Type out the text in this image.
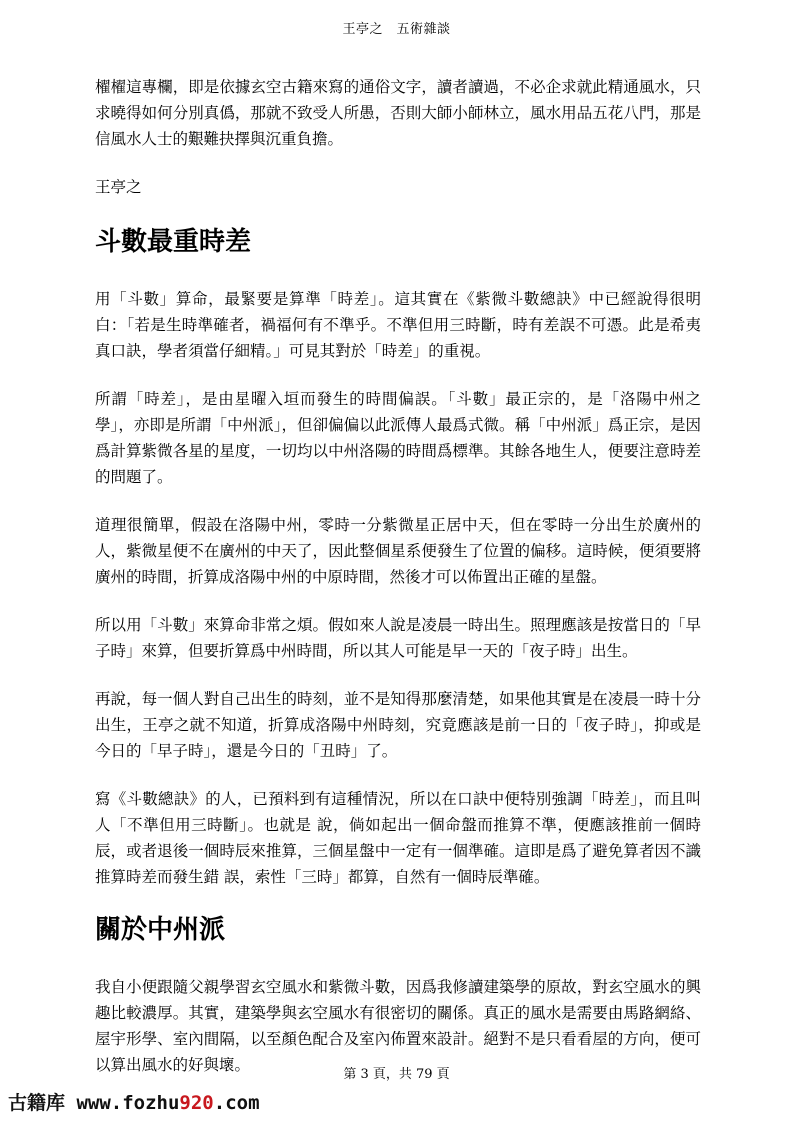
王亭之　五術雜談

櫂櫂這專欄，即是依據玄空古籍來寫的通俗文字，讀者讀過，不必企求就此精通風水，只求曉得如何分別真僞，那就不致受人所愚，否則大師小師林立，風水用品五花八門，那是信風水人士的艱難抉擇與沉重負擔。

王亭之

斗數最重時差

用「斗數」算命，最緊要是算準「時差」。這其實在《紫微斗數總訣》中已經說得很明白：「若是生時準確者，禍福何有不準乎。不準但用三時斷，時有差誤不可憑。此是希夷真口訣，學者須當仔細精。」可見其對於「時差」的重視。

所謂「時差」，是由星曜入垣而發生的時間偏誤。「斗數」最正宗的，是「洛陽中州之學」，亦即是所謂「中州派」，但卻偏偏以此派傳人最爲式微。稱「中州派」爲正宗，是因爲計算紫微各星的星度，一切均以中州洛陽的時間爲標準。其餘各地生人，便要注意時差的問題了。

道理很簡單，假設在洛陽中州，零時一分紫微星正居中天，但在零時一分出生於廣州的人，紫微星便不在廣州的中天了，因此整個星系便發生了位置的偏移。這時候，便須要將廣州的時間，折算成洛陽中州的中原時間，然後才可以佈置出正確的星盤。

所以用「斗數」來算命非常之煩。假如來人說是凌晨一時出生。照理應該是按當日的「早子時」來算，但要折算爲中州時間，所以其人可能是早一天的「夜子時」出生。

再說，每一個人對自己出生的時刻，並不是知得那麼清楚，如果他其實是在凌晨一時十分出生，王亭之就不知道，折算成洛陽中州時刻，究竟應該是前一日的「夜子時」，抑或是今日的「早子時」，還是今日的「丑時」了。

寫《斗數總訣》的人，已預料到有這種情況，所以在口訣中便特別強調「時差」，而且叫人「不準但用三時斷」。也就是 說，倘如起出一個命盤而推算不準，便應該推前一個時辰，或者退後一個時辰來推算，三個星盤中一定有一個準確。這即是爲了避免算者因不識推算時差而發生錯 誤，索性「三時」都算，自然有一個時辰準確。

關於中州派

我自小便跟隨父親學習玄空風水和紫微斗數，因爲我修讀建築學的原故，對玄空風水的興趣比較濃厚。其實，建築學與玄空風水有很密切的關係。真正的風水是需要由馬路網絡、屋宇形學、室內間隔，以至顏色配合及室內佈置來設計。絕對不是只看看屋的方向，便可以算出風水的好與壞。

第 3 頁，共 79 頁
古籍库 www.fozhu920.com
